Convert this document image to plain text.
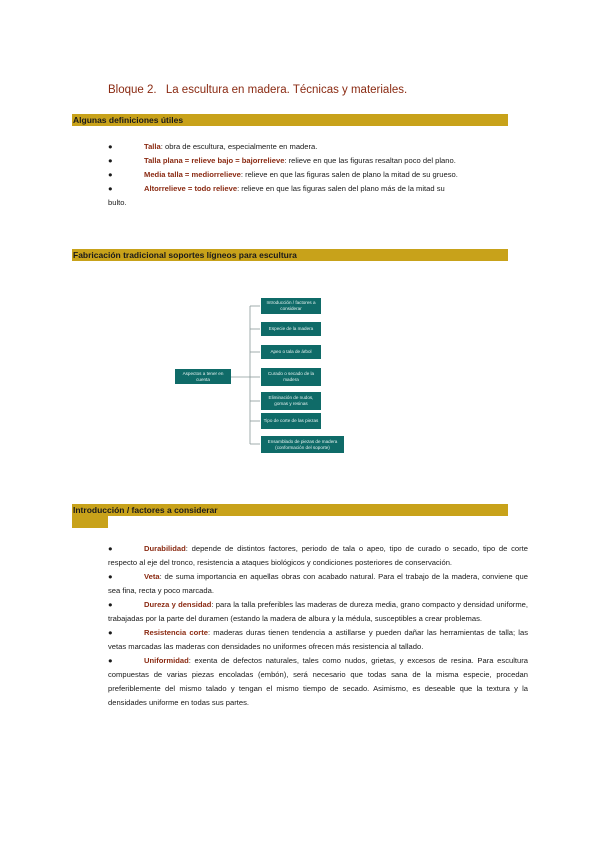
Bloque 2. La escultura en madera. Técnicas y materiales.
Algunas definiciones útiles

●	Talla: obra de escultura, especialmente en madera.

●	Talla plana = relieve bajo = bajorrelieve: relieve en que las figuras resaltan poco del plano.

●	Media talla = mediorrelieve: relieve en que las figuras salen de plano la mitad de su grueso.

●	Altorrelieve = todo relieve: relieve en que las figuras salen del plano más de la mitad su

bulto.
Fabricación tradicional soportes lígneos para escultura
Aspectos a tener en cuenta
Introducción / factores a considerar
Especie de la madera
Apeo o tala de árbol
Curado o secado de la madera
Eliminación de nudos, gomas y resinas
Tipo de corte de las piezas
Ensamblado de piezas de madera (conformación del soporte)
Introducción / factores a considerar

●	Durabilidad: depende de distintos factores, periodo de tala o apeo, tipo de curado o secado, tipo de corte respecto al eje del tronco, resistencia a ataques biológicos y condiciones posteriores de conservación.

●	Veta: de suma importancia en aquellas obras con acabado natural. Para el trabajo de la madera, conviene que sea fina, recta y poco marcada.

●	Dureza y densidad: para la talla preferibles las maderas de dureza media, grano compacto y densidad uniforme, trabajadas por la parte del duramen (estando la madera de albura y la médula, susceptibles a crear problemas.

●	Resistencia corte: maderas duras tienen tendencia a astillarse y pueden dañar las herramientas de talla; las vetas marcadas las maderas con densidades no uniformes ofrecen más resistencia al tallado.

●	Uniformidad: exenta de defectos naturales, tales como nudos, grietas, y excesos de resina. Para escultura compuestas de varias piezas encoladas (embón), será necesario que todas sana de la misma especie, procedan preferiblemente del mismo talado y tengan el mismo tiempo de secado. Asimismo, es deseable que la textura y la densidades uniforme en todas sus partes.
